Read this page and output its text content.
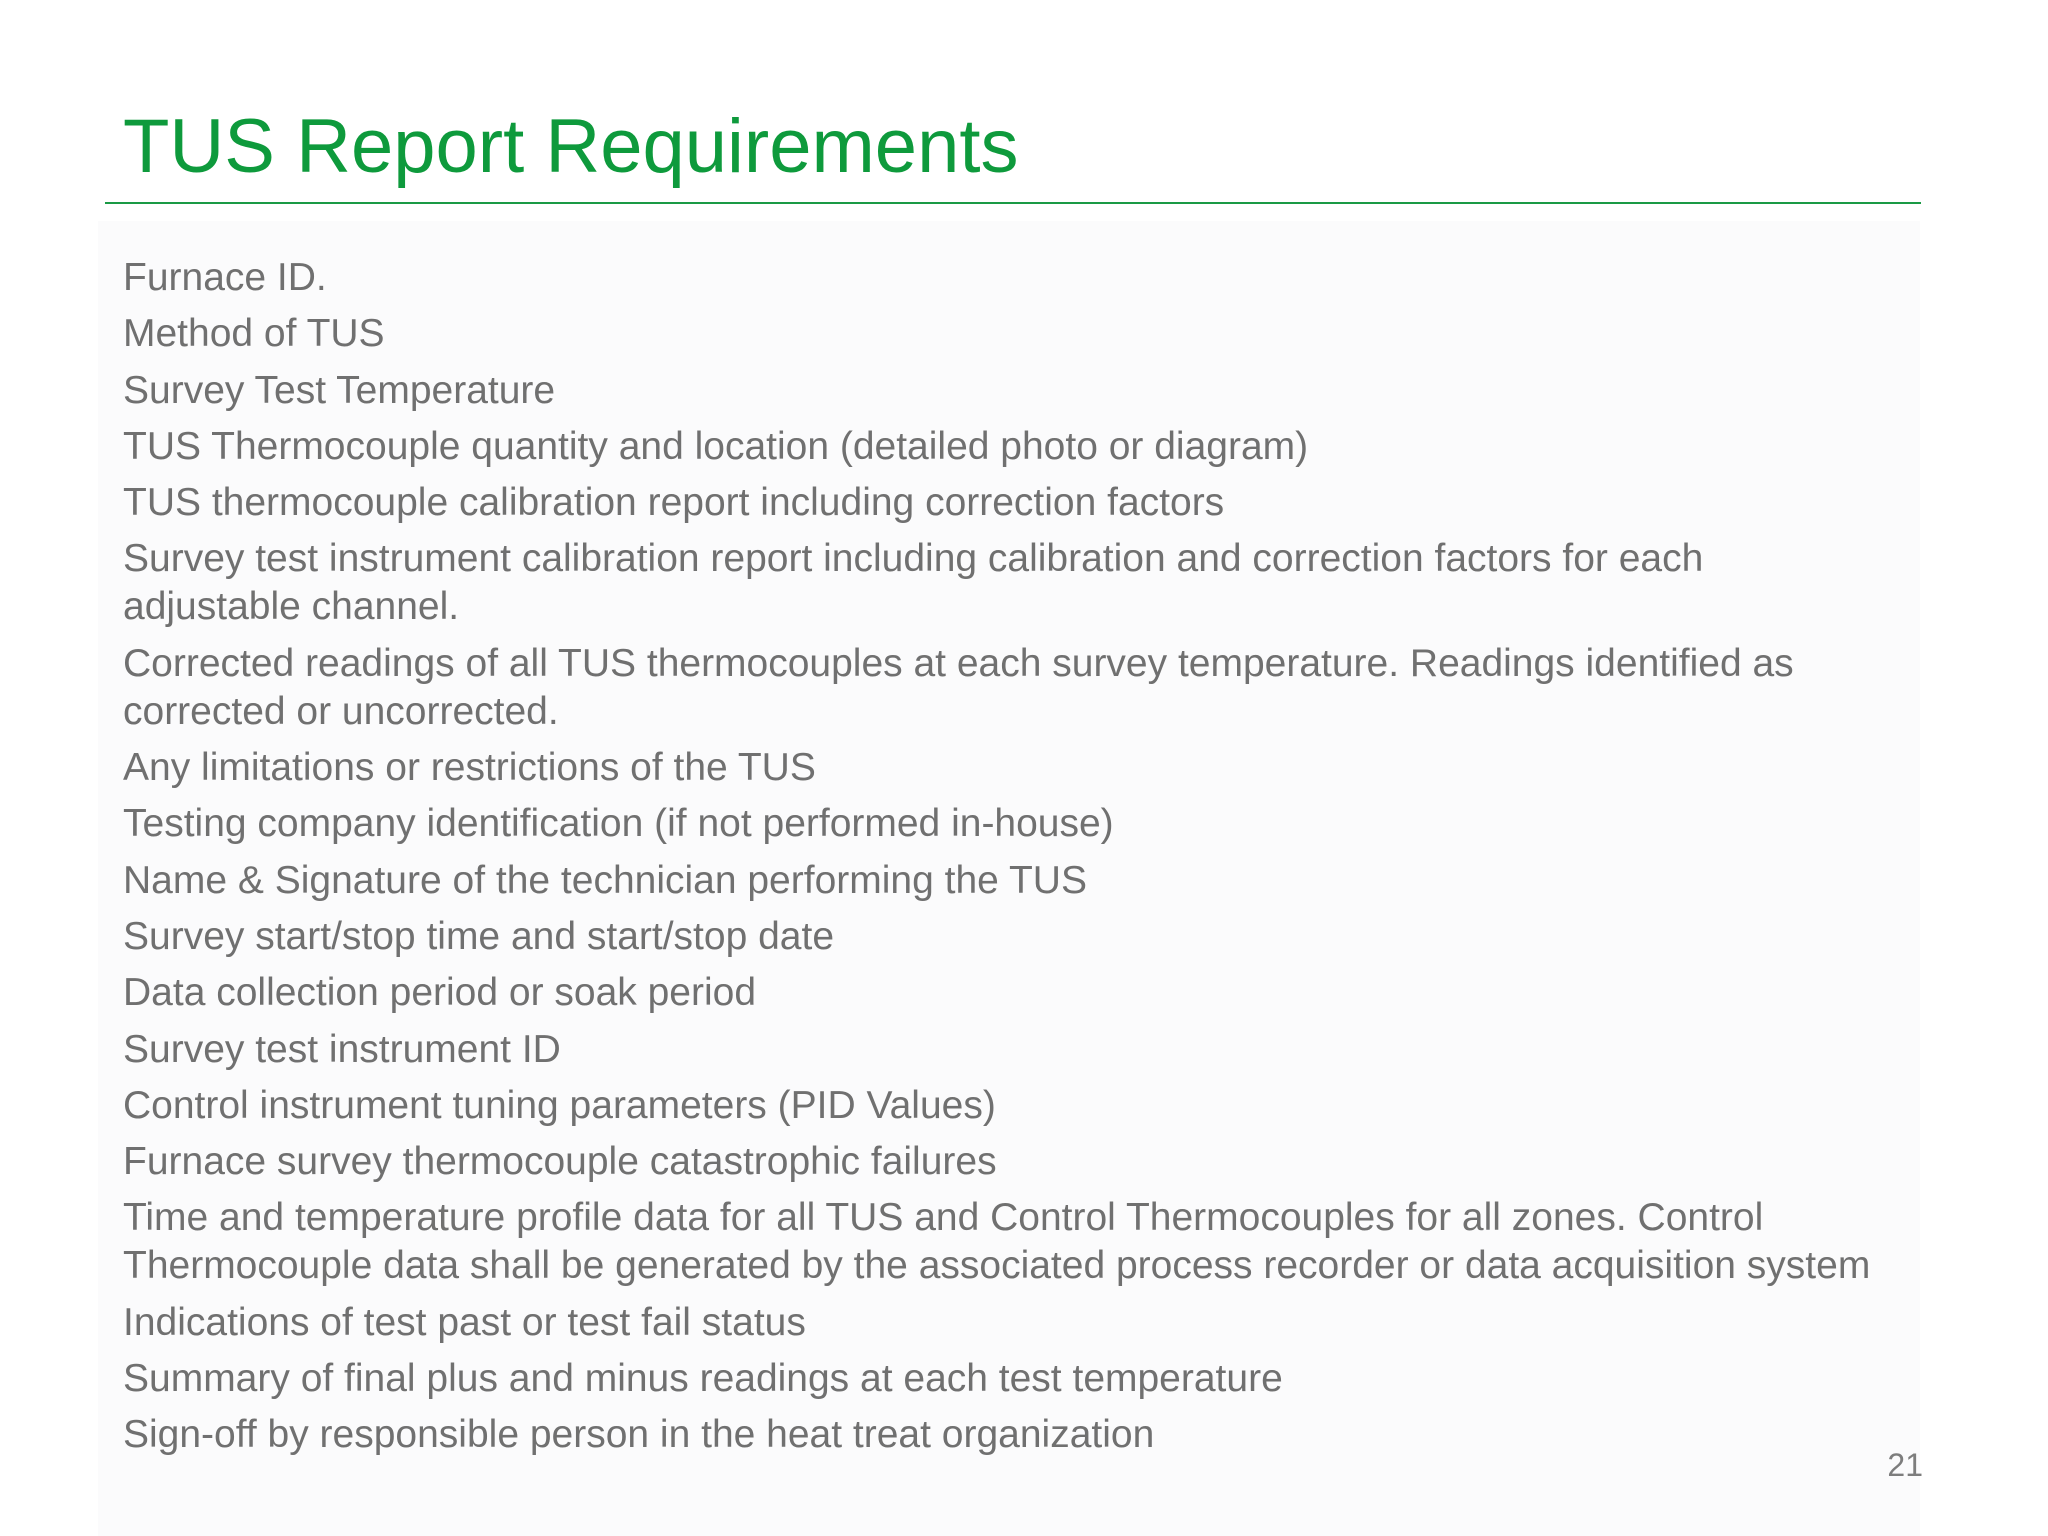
TUS Report Requirements
Furnace ID.
Method of TUS
Survey Test Temperature
TUS Thermocouple quantity and location (detailed photo or diagram)
TUS thermocouple calibration report including correction factors
Survey test instrument calibration report including calibration and correction factors for each adjustable channel.
Corrected readings of all TUS thermocouples at each survey temperature. Readings identified as corrected or uncorrected.
Any limitations or restrictions of the TUS
Testing company identification (if not performed in-house)
Name & Signature of the technician performing the TUS
Survey start/stop time and start/stop date
Data collection period or soak period
Survey test instrument ID
Control instrument tuning parameters (PID Values)
Furnace survey thermocouple catastrophic failures
Time and temperature profile data for all TUS and Control Thermocouples for all zones. Control Thermocouple data shall be generated by the associated process recorder or data acquisition system
Indications of test past or test fail status
Summary of final plus and minus readings at each test temperature
Sign-off by responsible person in the heat treat organization
21
